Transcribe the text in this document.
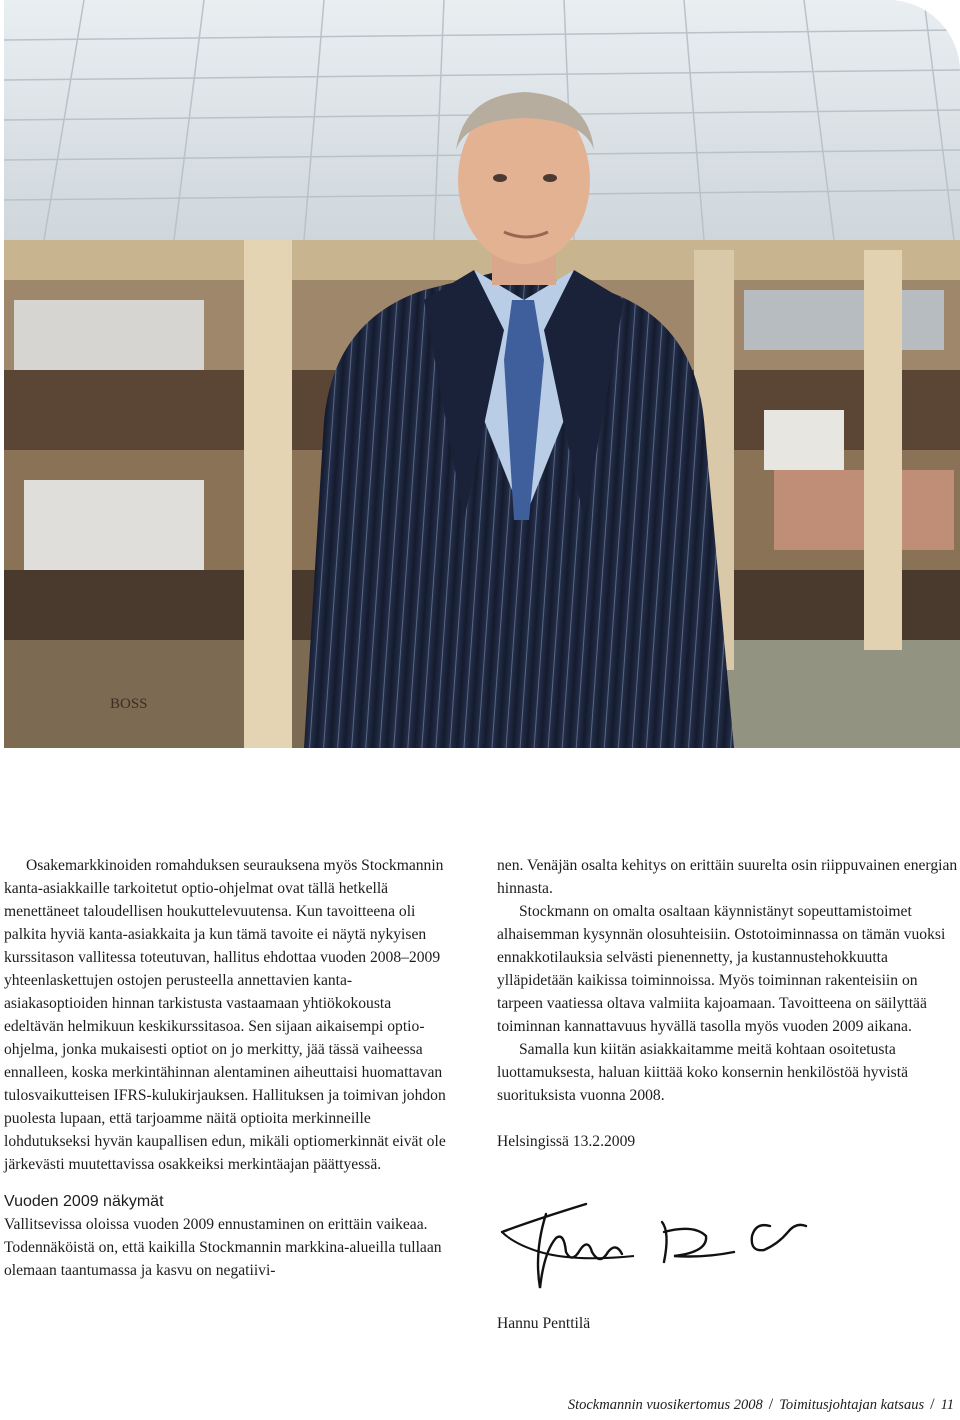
BOSS

Osakemarkkinoiden romahduksen seurauksena myös Stockmannin kanta-asiakkaille tarkoitetut optio-ohjelmat ovat tällä hetkellä menettäneet taloudellisen houkuttelevuutensa. Kun tavoitteena oli palkita hyviä kanta-asiakkaita ja kun tämä tavoite ei näytä nykyisen kurssitason vallitessa toteutuvan, hallitus ehdottaa vuoden 2008–2009 yhteenlaskettujen ostojen perusteella annettavien kanta-asiakasoptioiden hinnan tarkistusta vastaamaan yhtiökokousta edeltävän helmikuun keskikurssitasoa. Sen sijaan aikaisempi optio-ohjelma, jonka mukaisesti optiot on jo merkitty, jää tässä vaiheessa ennalleen, koska merkintähinnan alentaminen aiheuttaisi huomattavan tulosvaikutteisen IFRS-kulukirjauksen. Hallituksen ja toimivan johdon puolesta lupaan, että tarjoamme näitä optioita merkinneille lohdutukseksi hyvän kaupallisen edun, mikäli optiomerkinnät eivät ole järkevästi muutettavissa osakkeiksi merkintäajan päättyessä.

Vuoden 2009 näkymät

Vallitsevissa oloissa vuoden 2009 ennustaminen on erittäin vaikeaa. Todennäköistä on, että kaikilla Stockmannin markkina-alueilla tullaan olemaan taantumassa ja kasvu on negatiivi-

nen. Venäjän osalta kehitys on erittäin suurelta osin riippuvainen energian hinnasta.

Stockmann on omalta osaltaan käynnistänyt sopeuttamistoimet alhaisemman kysynnän olosuhteisiin. Ostotoiminnassa on tämän vuoksi ennakkotilauksia selvästi pienennetty, ja kustannustehokkuutta ylläpidetään kaikissa toiminnoissa. Myös toiminnan rakenteisiin on tarpeen vaatiessa oltava valmiita kajoamaan. Tavoitteena on säilyttää toiminnan kannattavuus hyvällä tasolla myös vuoden 2009 aikana.

Samalla kun kiitän asiakkaitamme meitä kohtaan osoitetusta luottamuksesta, haluan kiittää koko konsernin henkilöstöä hyvistä suorituksista vuonna 2008.

Helsingissä 13.2.2009

Hannu Penttilä
Stockmannin vuosikertomus 2008 / Toimitusjohtajan katsaus / 11
